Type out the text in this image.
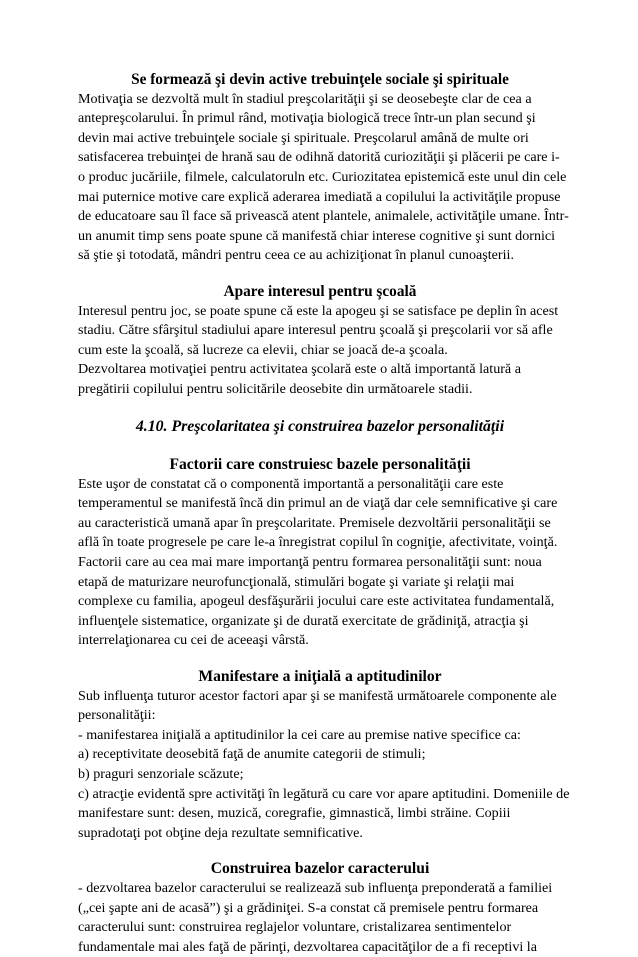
Se formează şi devin active trebuinţele sociale şi spirituale

Motivaţia se dezvoltă mult în stadiul preşcolarităţii şi se deosebeşte clar de cea a
antepreşcolarului. În primul rând, motivaţia biologică trece într-un plan secund şi
devin mai active trebuinţele sociale şi spirituale. Preşcolarul amână de multe ori
satisfacerea trebuinţei de hrană sau de odihnă datorită curiozităţii şi plăcerii pe care i-
o produc jucăriile, filmele, calculatoruln etc. Curiozitatea epistemică este unul din cele
mai puternice motive care explică aderarea imediată a copilului la activităţile propuse
de educatoare sau îl face să privească atent plantele, animalele, activităţile umane. Într-
un anumit timp sens poate spune că manifestă chiar interese cognitive şi sunt dornici
să ştie şi totodată, mândri pentru ceea ce au achiziţionat în planul cunoaşterii.

Apare interesul pentru şcoală

Interesul pentru joc, se poate spune că este la apogeu şi se satisface pe deplin în acest
stadiu. Către sfârşitul stadiului apare interesul pentru şcoală şi preşcolarii vor să afle
cum este la şcoală, să lucreze ca elevii, chiar se joacă de-a şcoala.
Dezvoltarea motivaţiei pentru activitatea şcolară este o altă importantă latură a
pregătirii copilului pentru solicitările deosebite din următoarele stadii.

4.10. Preşcolaritatea şi construirea bazelor personalităţii
Factorii care construiesc bazele personalităţii

Este uşor de constatat că o componentă importantă a personalităţii care este
temperamentul se manifestă încă din primul an de viaţă dar cele semnificative şi care
au caracteristică umană apar în preşcolaritate. Premisele dezvoltării personalităţii se
află în toate progresele pe care le-a înregistrat copilul în cogniţie, afectivitate, voinţă.
Factorii care au cea mai mare importanţă pentru formarea personalităţii sunt: noua
etapă de maturizare neurofuncţională, stimulări bogate şi variate şi relaţii mai
complexe cu familia, apogeul desfăşurării jocului care este activitatea fundamentală,
influenţele sistematice, organizate şi de durată exercitate de grădiniţă, atracţia şi
interrelaţionarea cu cei de aceeaşi vârstă.

Manifestare a iniţială a aptitudinilor

Sub influenţa tuturor acestor factori apar şi se manifestă următoarele componente ale
personalităţii:
- manifestarea iniţială a aptitudinilor la cei care au premise native specifice ca:
a) receptivitate deosebită faţă de anumite categorii de stimuli;
b) praguri senzoriale scăzute;
c) atracţie evidentă spre activităţi în legătură cu care vor apare aptitudini. Domeniile de
manifestare sunt: desen, muzică, coregrafie, gimnastică, limbi străine. Copiii
supradotaţi pot obţine deja rezultate semnificative.

Construirea bazelor caracterului

- dezvoltarea bazelor caracterului se realizează sub influenţa preponderată a familiei
(„cei şapte ani de acasă”) şi a grădiniţei. S-a constat că premisele pentru formarea
caracterului sunt: construirea reglajelor voluntare, cristalizarea sentimentelor
fundamentale mai ales faţă de părinţi, dezvoltarea capacităţilor de a fi receptivi la
